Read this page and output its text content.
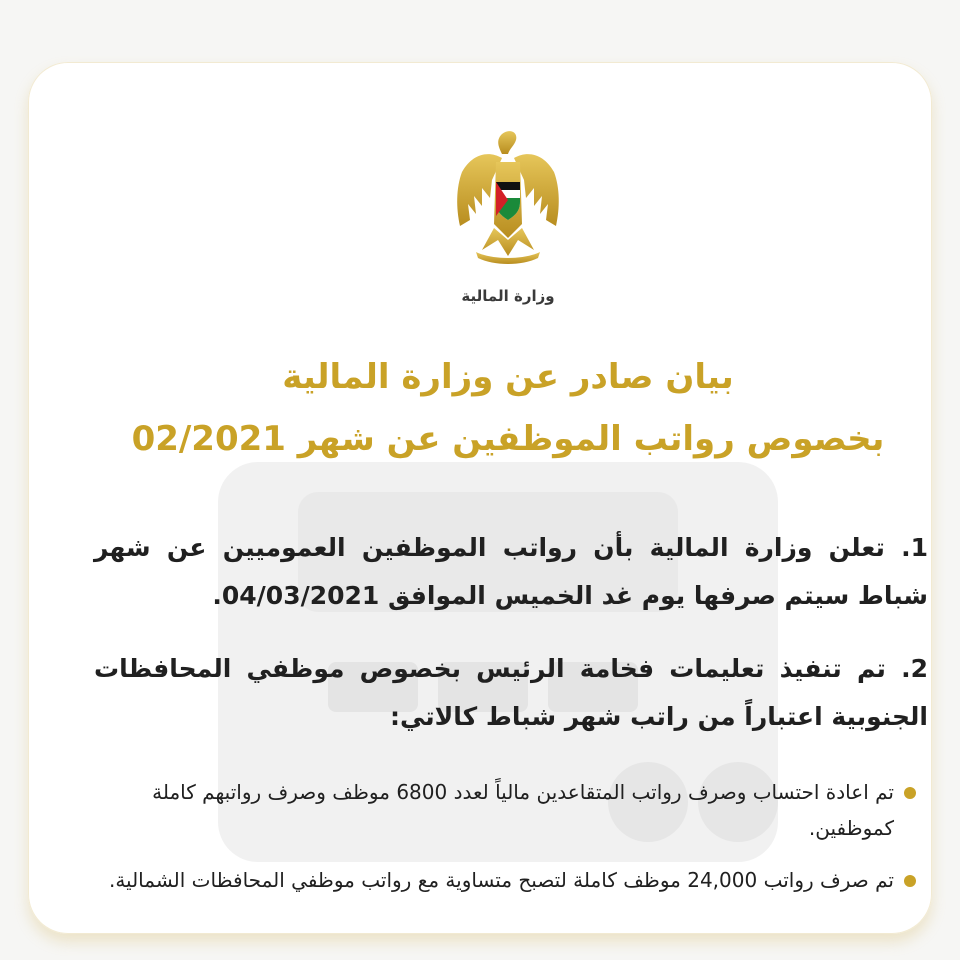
وزارة المالية
بيان صادر عن وزارة المالية
بخصوص رواتب الموظفين عن شهر 02/2021
1. تعلن وزارة المالية بأن رواتب الموظفين العموميين عن شهر شباط سيتم صرفها يوم غد الخميس الموافق 04/03/2021.
2. تم تنفيذ تعليمات فخامة الرئيس بخصوص موظفي المحافظات الجنوبية اعتباراً من راتب شهر شباط كالاتي:
تم اعادة احتساب وصرف رواتب المتقاعدين مالياً لعدد 6800 موظف وصرف رواتبهم كاملة كموظفين.
تم صرف رواتب 24,000 موظف كاملة لتصبح متساوية مع رواتب موظفي المحافظات الشمالية.
